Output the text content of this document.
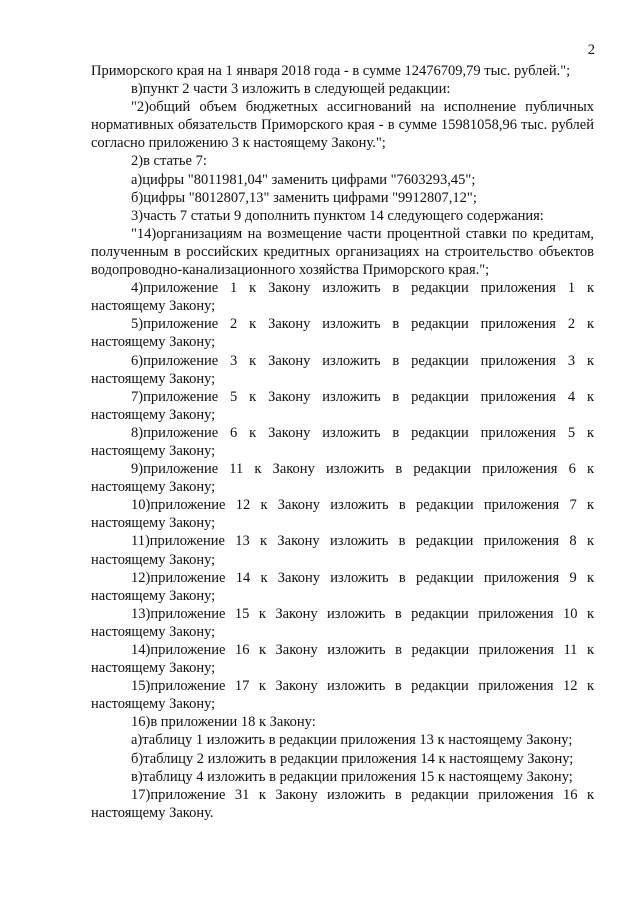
2

Приморского края на 1 января 2018 года - в сумме 12476709,79 тыс. рублей.";

в)пункт 2 части 3 изложить в следующей редакции:

"2)общий объем бюджетных ассигнований на исполнение публичных нормативных обязательств Приморского края - в сумме 15981058,96 тыс. рублей согласно приложению 3 к настоящему Закону.";

2)в статье 7:

а)цифры "8011981,04" заменить цифрами "7603293,45";

б)цифры "8012807,13" заменить цифрами "9912807,12";

3)часть 7 статьи 9 дополнить пунктом 14 следующего содержания:

"14)организациям на возмещение части процентной ставки по кредитам, полученным в российских кредитных организациях на строительство объектов водопроводно-канализационного хозяйства Приморского края.";

4)приложение 1 к Закону изложить в редакции приложения 1 к настоящему Закону;

5)приложение 2 к Закону изложить в редакции приложения 2 к настоящему Закону;

6)приложение 3 к Закону изложить в редакции приложения 3 к настоящему Закону;

7)приложение 5 к Закону изложить в редакции приложения 4 к настоящему Закону;

8)приложение 6 к Закону изложить в редакции приложения 5 к настоящему Закону;

9)приложение 11 к Закону изложить в редакции приложения 6 к настоящему Закону;

10)приложение 12 к Закону изложить в редакции приложения 7 к настоящему Закону;

11)приложение 13 к Закону изложить в редакции приложения 8 к настоящему Закону;

12)приложение 14 к Закону изложить в редакции приложения 9 к настоящему Закону;

13)приложение 15 к Закону изложить в редакции приложения 10 к настоящему Закону;

14)приложение 16 к Закону изложить в редакции приложения 11 к настоящему Закону;

15)приложение 17 к Закону изложить в редакции приложения 12 к настоящему Закону;

16)в приложении 18 к Закону:

а)таблицу 1 изложить в редакции приложения 13 к настоящему Закону;

б)таблицу 2 изложить в редакции приложения 14 к настоящему Закону;

в)таблицу 4 изложить в редакции приложения 15 к настоящему Закону;

17)приложение 31 к Закону изложить в редакции приложения 16 к настоящему Закону.
